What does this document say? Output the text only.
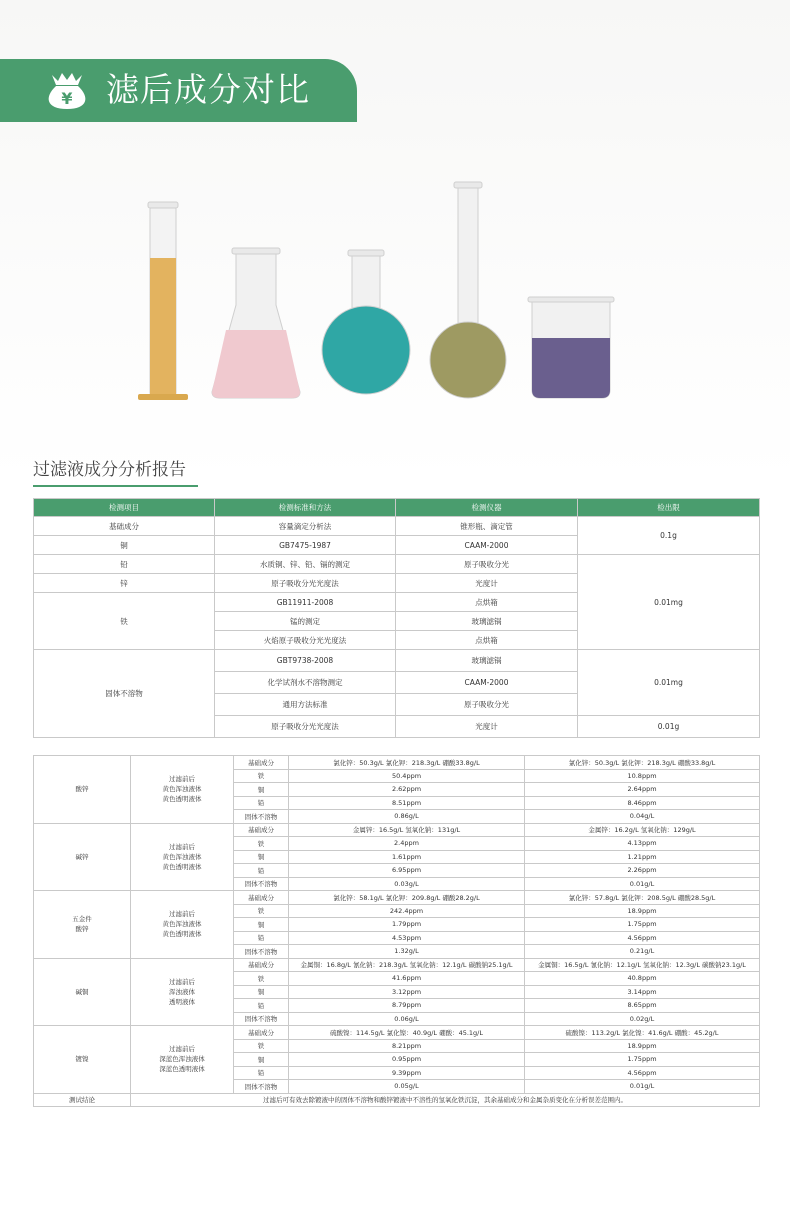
¥ 滤后成分对比
过滤液成分分析报告
检测项目	检测标准和方法	检测仪器	检出限
基础成分	容量滴定分析法	锥形瓶、滴定管	0.1g
铜	GB7475-1987	CAAM-2000	
铅	水质铜、锌、铅、镉的测定	原子吸收分光	0.01mg
锌	原子吸收分光光度法	光度计	
铁	GB11911-2008	点烘箱	
	锰的测定	玻璃滤锅	
	火焰原子吸收分光光度法	点烘箱	
固体不溶物	GBT9738-2008	玻璃滤锅	0.01mg
	化学试剂水不溶物测定	CAAM-2000	
	通用方法标准	原子吸收分光	
	原子吸收分光光度法	光度计	0.01g
酸锌	过滤前后
黄色浑浊液体
黄色透明液体	基础成分	氯化锌：50.3g/L 氯化钾：218.3g/L 硼酸33.8g/L	氯化锌：50.3g/L 氯化钾：218.3g/L 硼酸33.8g/L
		铁	50.4ppm	10.8ppm
		铜	2.62ppm	2.64ppm
		铅	8.51ppm	8.46ppm
		固体不溶物	0.86g/L	0.04g/L
碱锌	过滤前后
黄色浑浊液体
黄色透明液体	基础成分	金属锌：16.5g/L 氢氧化钠：131g/L	金属锌：16.2g/L 氢氧化钠：129g/L
		铁	2.4ppm	4.13ppm
		铜	1.61ppm	1.21ppm
		铅	6.95ppm	2.26ppm
		固体不溶物	0.03g/L	0.01g/L
五金件
酸锌	过滤前后
黄色浑浊液体
黄色透明液体	基础成分	氯化锌：58.1g/L 氯化钾：209.8g/L 硼酸28.2g/L	氯化锌：57.8g/L 氯化钾：208.5g/L 硼酸28.5g/L
		铁	242.4ppm	18.9ppm
		铜	1.79ppm	1.75ppm
		铅	4.53ppm	4.56ppm
		固体不溶物	1.32g/L	0.21g/L
碱铜	过滤前后
浑浊液体
透明液体	基础成分	金属铜：16.8g/L 氰化钠：218.3g/L 氢氧化钠：12.1g/L 碳酸钠25.1g/L	金属铜：16.5g/L 氰化钠：12.1g/L 氢氧化钠：12.3g/L 碳酸钠23.1g/L
		铁	41.6ppm	40.8ppm
		铜	3.12ppm	3.14ppm
		铅	8.79ppm	8.65ppm
		固体不溶物	0.06g/L	0.02g/L
镀镍	过滤前后
深蓝色浑浊液体
深蓝色透明液体	基础成分	硫酸镍：114.5g/L 氯化镍：40.9g/L 硼酸：45.1g/L	硫酸镍：113.2g/L 氯化镍：41.6g/L 硼酸：45.2g/L
		铁	8.21ppm	18.9ppm
		铜	0.95ppm	1.75ppm
		铅	9.39ppm	4.56ppm
		固体不溶物	0.05g/L	0.01g/L
测试结论	过滤后可有效去除镀液中的固体不溶物和酸锌镀液中不溶性的氢氧化铁沉淀，其余基础成分和金属杂质变化在分析误差范围内。			
